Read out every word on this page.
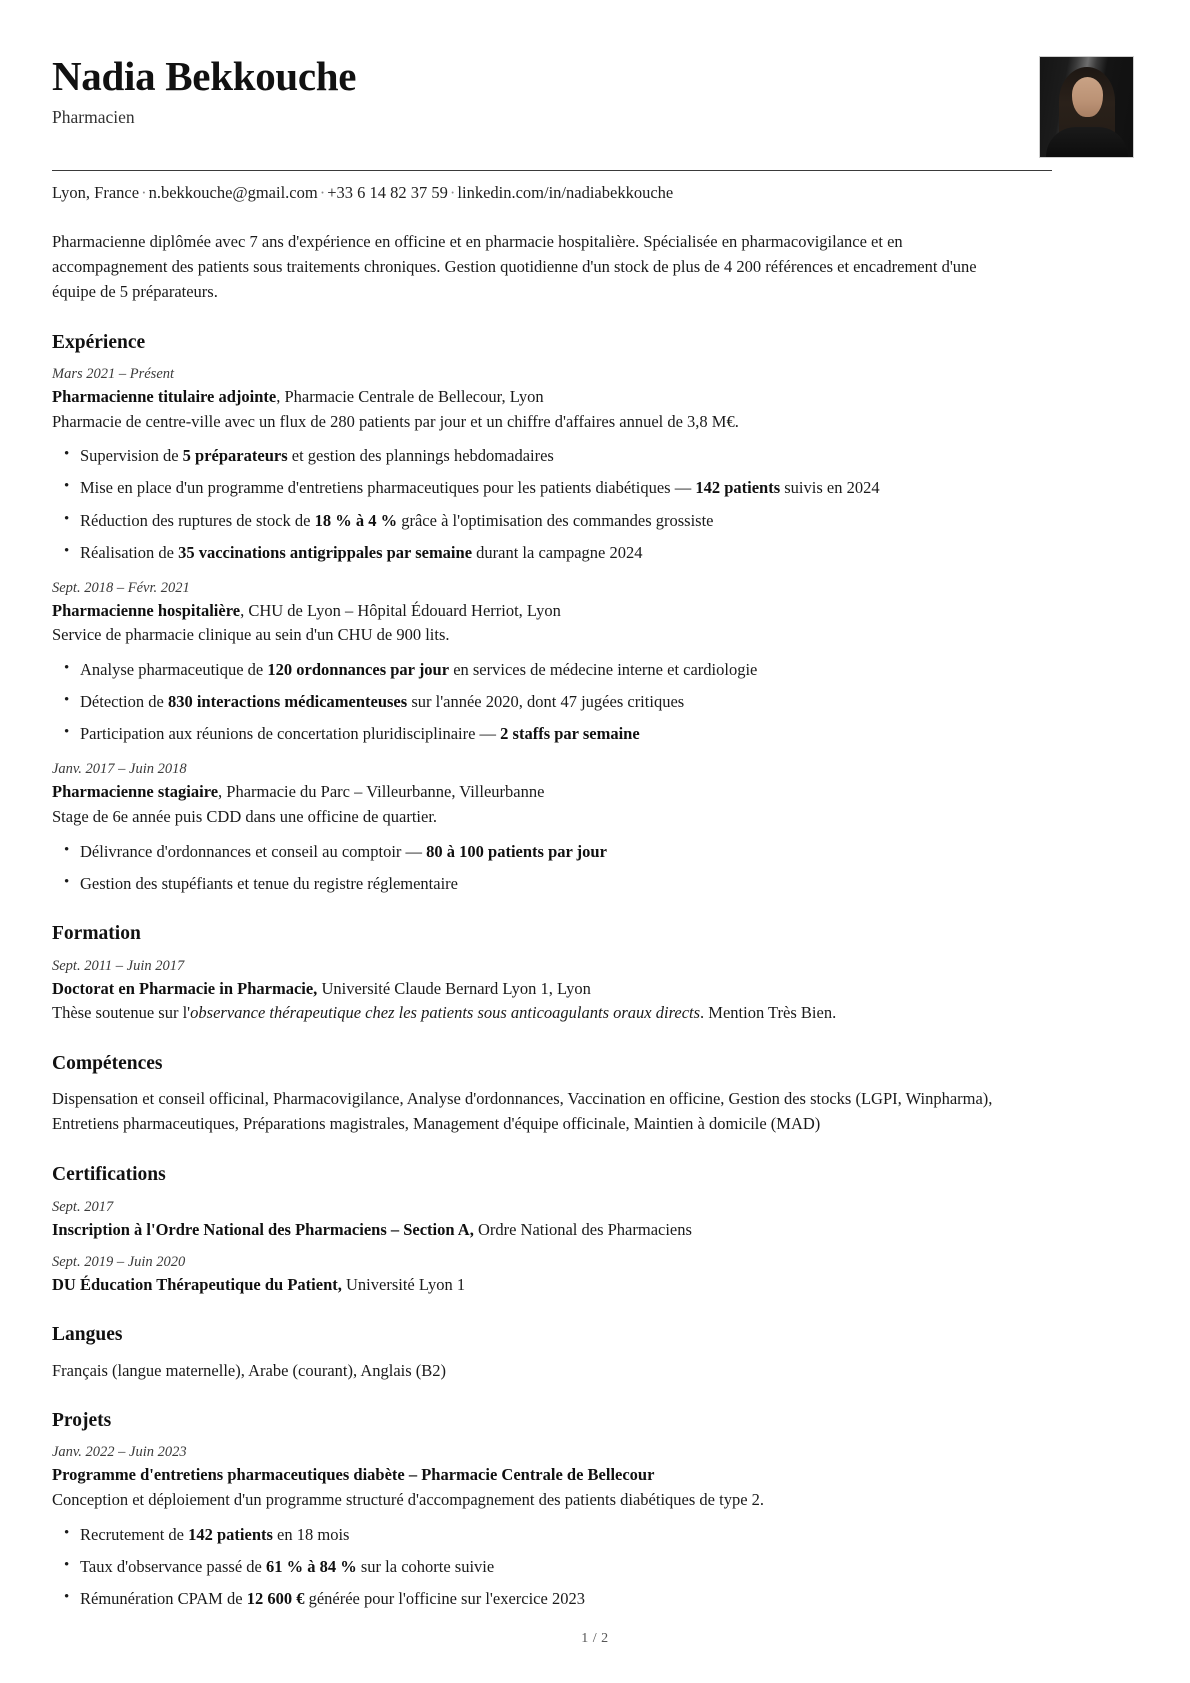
Nadia Bekkouche
Pharmacien
Lyon, France · n.bekkouche@gmail.com · +33 6 14 82 37 59 · linkedin.com/in/nadiabekkouche

Pharmacienne diplômée avec 7 ans d'expérience en officine et en pharmacie hospitalière. Spécialisée en pharmacovigilance et en accompagnement des patients sous traitements chroniques. Gestion quotidienne d'un stock de plus de 4 200 références et encadrement d'une équipe de 5 préparateurs.

Expérience
Mars 2021 – Présent
Pharmacienne titulaire adjointe, Pharmacie Centrale de Bellecour, Lyon
Pharmacie de centre-ville avec un flux de 280 patients par jour et un chiffre d'affaires annuel de 3,8 M€.
• Supervision de 5 préparateurs et gestion des plannings hebdomadaires
• Mise en place d'un programme d'entretiens pharmaceutiques pour les patients diabétiques — 142 patients suivis en 2024
• Réduction des ruptures de stock de 18 % à 4 % grâce à l'optimisation des commandes grossiste
• Réalisation de 35 vaccinations antigrippales par semaine durant la campagne 2024
Sept. 2018 – Févr. 2021
Pharmacienne hospitalière, CHU de Lyon – Hôpital Édouard Herriot, Lyon
Service de pharmacie clinique au sein d'un CHU de 900 lits.
• Analyse pharmaceutique de 120 ordonnances par jour en services de médecine interne et cardiologie
• Détection de 830 interactions médicamenteuses sur l'année 2020, dont 47 jugées critiques
• Participation aux réunions de concertation pluridisciplinaire — 2 staffs par semaine
Janv. 2017 – Juin 2018
Pharmacienne stagiaire, Pharmacie du Parc – Villeurbanne, Villeurbanne
Stage de 6e année puis CDD dans une officine de quartier.
• Délivrance d'ordonnances et conseil au comptoir — 80 à 100 patients par jour
• Gestion des stupéfiants et tenue du registre réglementaire
Formation
Sept. 2011 – Juin 2017
Doctorat en Pharmacie in Pharmacie, Université Claude Bernard Lyon 1, Lyon
Thèse soutenue sur l'observance thérapeutique chez les patients sous anticoagulants oraux directs. Mention Très Bien.
Compétences
Dispensation et conseil officinal, Pharmacovigilance, Analyse d'ordonnances, Vaccination en officine, Gestion des stocks (LGPI, Winpharma), Entretiens pharmaceutiques, Préparations magistrales, Management d'équipe officinale, Maintien à domicile (MAD)
Certifications
Sept. 2017
Inscription à l'Ordre National des Pharmaciens – Section A, Ordre National des Pharmaciens
Sept. 2019 – Juin 2020
DU Éducation Thérapeutique du Patient, Université Lyon 1
Langues
Français (langue maternelle), Arabe (courant), Anglais (B2)
Projets
Janv. 2022 – Juin 2023
Programme d'entretiens pharmaceutiques diabète – Pharmacie Centrale de Bellecour
Conception et déploiement d'un programme structuré d'accompagnement des patients diabétiques de type 2.
• Recrutement de 142 patients en 18 mois
• Taux d'observance passé de 61 % à 84 % sur la cohorte suivie
• Rémunération CPAM de 12 600 € générée pour l'officine sur l'exercice 2023
1 / 2
